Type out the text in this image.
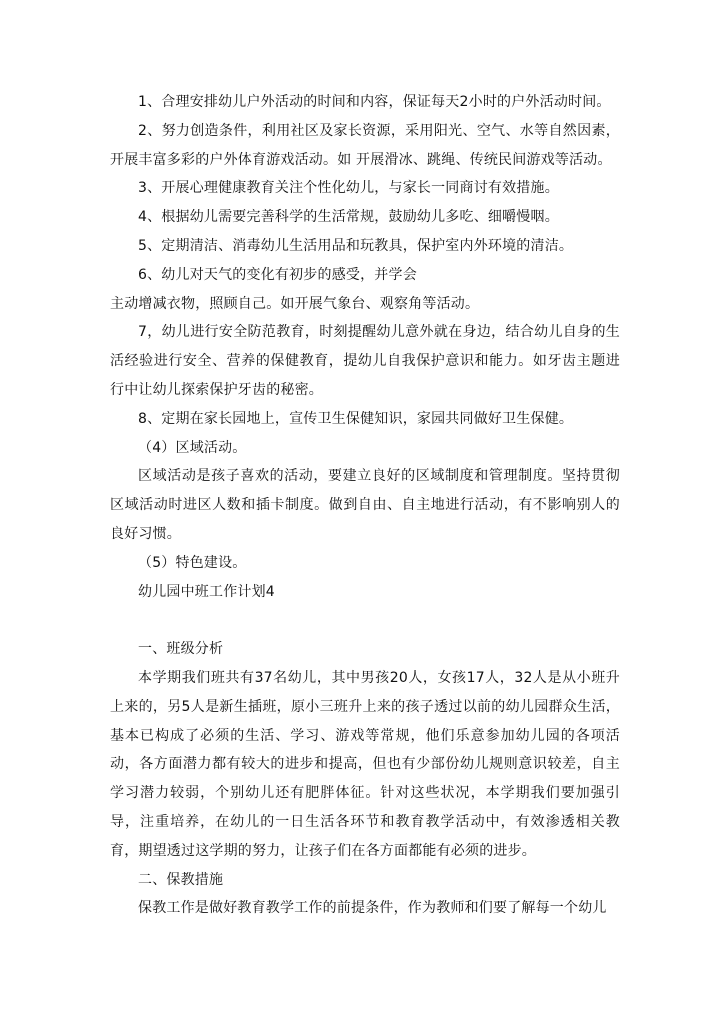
1、合理安排幼儿户外活动的时间和内容，保证每天2小时的户外活动时间。

2、努力创造条件，利用社区及家长资源，采用阳光、空气、水等自然因素，开展丰富多彩的户外体育游戏活动。如 开展滑冰、跳绳、传统民间游戏等活动。

3、开展心理健康教育关注个性化幼儿，与家长一同商讨有效措施。

4、根据幼儿需要完善科学的生活常规，鼓励幼儿多吃、细嚼慢咽。

5、定期清洁、消毒幼儿生活用品和玩教具，保护室内外环境的清洁。

6、幼儿对天气的变化有初步的感受，并学会

主动增减衣物，照顾自己。如开展气象台、观察角等活动。

7，幼儿进行安全防范教育，时刻提醒幼儿意外就在身边，结合幼儿自身的生活经验进行安全、营养的保健教育，提幼儿自我保护意识和能力。如牙齿主题进行中让幼儿探索保护牙齿的秘密。

8、定期在家长园地上，宣传卫生保健知识，家园共同做好卫生保健。

（4）区域活动。

区域活动是孩子喜欢的活动，要建立良好的区域制度和管理制度。坚持贯彻区域活动时进区人数和插卡制度。做到自由、自主地进行活动，有不影响别人的良好习惯。

（5）特色建设。

幼儿园中班工作计划4

一、班级分析

本学期我们班共有37名幼儿，其中男孩20人，女孩17人，32人是从小班升上来的，另5人是新生插班，原小三班升上来的孩子透过以前的幼儿园群众生活，基本已构成了必须的生活、学习、游戏等常规，他们乐意参加幼儿园的各项活动，各方面潜力都有较大的进步和提高，但也有少部份幼儿规则意识较差，自主学习潜力较弱，个别幼儿还有肥胖体征。针对这些状况，本学期我们要加强引导，注重培养，在幼儿的一日生活各环节和教育教学活动中，有效渗透相关教育，期望透过这学期的努力，让孩子们在各方面都能有必须的进步。

二、保教措施

保教工作是做好教育教学工作的前提条件，作为教师和们要了解每一个幼儿
